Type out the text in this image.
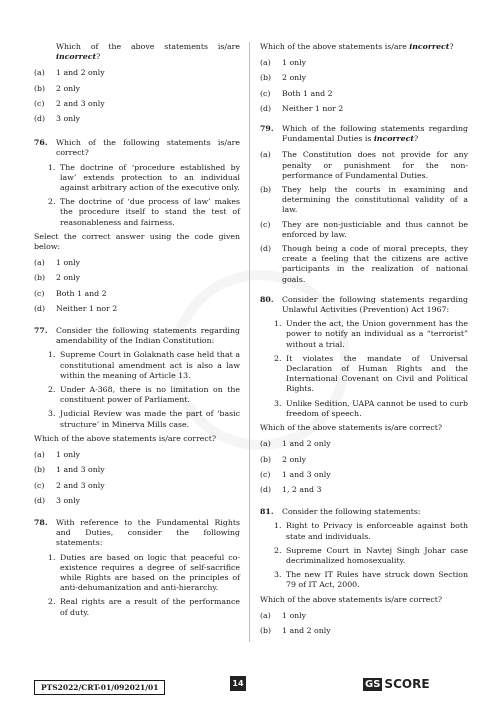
Which of the above statements is/are incorrect?
(a)	1 and 2 only
(b)	2 only
(c)	2 and 3 only
(d)	3 only
76.	Which of the following statements is/are correct?
1. The doctrine of ‘procedure established by law’ extends protection to an individual against arbitrary action of the executive only.
2. The doctrine of ‘due process of law’ makes the procedure itself to stand the test of reasonableness and fairness.
Select the correct answer using the code given below:
(a)	1 only
(b)	2 only
(c)	Both 1 and 2
(d)	Neither 1 nor 2
77.	Consider the following statements regarding amendability of the Indian Constitution:
1. Supreme Court in Golaknath case held that a constitutional amendment act is also a law within the meaning of Article 13.
2. Under A-368, there is no limitation on the constituent power of Parliament.
3. Judicial Review was made the part of ‘basic structure’ in Minerva Mills case.
Which of the above statements is/are correct?
(a)	1 only
(b)	1 and 3 only
(c)	2 and 3 only
(d)	3 only
78.	With reference to the Fundamental Rights and Duties, consider the following statements:
1. Duties are based on logic that peaceful co-existence requires a degree of self-sacrifice while Rights are based on the principles of anti-dehumanization and anti-hierarchy.
2. Real rights are a result of the performance of duty.
Which of the above statements is/are incorrect?
(a)	1 only
(b)	2 only
(c)	Both 1 and 2
(d)	Neither 1 nor 2
79.	Which of the following statements regarding Fundamental Duties is incorrect?
(a)	The Constitution does not provide for any penalty or punishment for the non-performance of Fundamental Duties.
(b)	They help the courts in examining and determining the constitutional validity of a law.
(c)	They are non-justiciable and thus cannot be enforced by law.
(d)	Though being a code of moral precepts, they create a feeling that the citizens are active participants in the realization of national goals.
80.	Consider the following statements regarding Unlawful Activities (Prevention) Act 1967:
1. Under the act, the Union government has the power to notify an individual as a “terrorist” without a trial.
2. It violates the mandate of Universal Declaration of Human Rights and the International Covenant on Civil and Political Rights.
3. Unlike Sedition, UAPA cannot be used to curb freedom of speech.
Which of the above statements is/are correct?
(a)	1 and 2 only
(b)	2 only
(c)	1 and 3 only
(d)	1, 2 and 3
81.	Consider the following statements:
1. Right to Privacy is enforceable against both state and individuals.
2. Supreme Court in Navtej Singh Johar case decriminalized homosexuality.
3. The new IT Rules have struck down Section 79 of IT Act, 2000.
Which of the above statements is/are correct?
(a)	1 only
(b)	1 and 2 only
PTS2022/CRT-01/092021/01	14	GS SCORE
